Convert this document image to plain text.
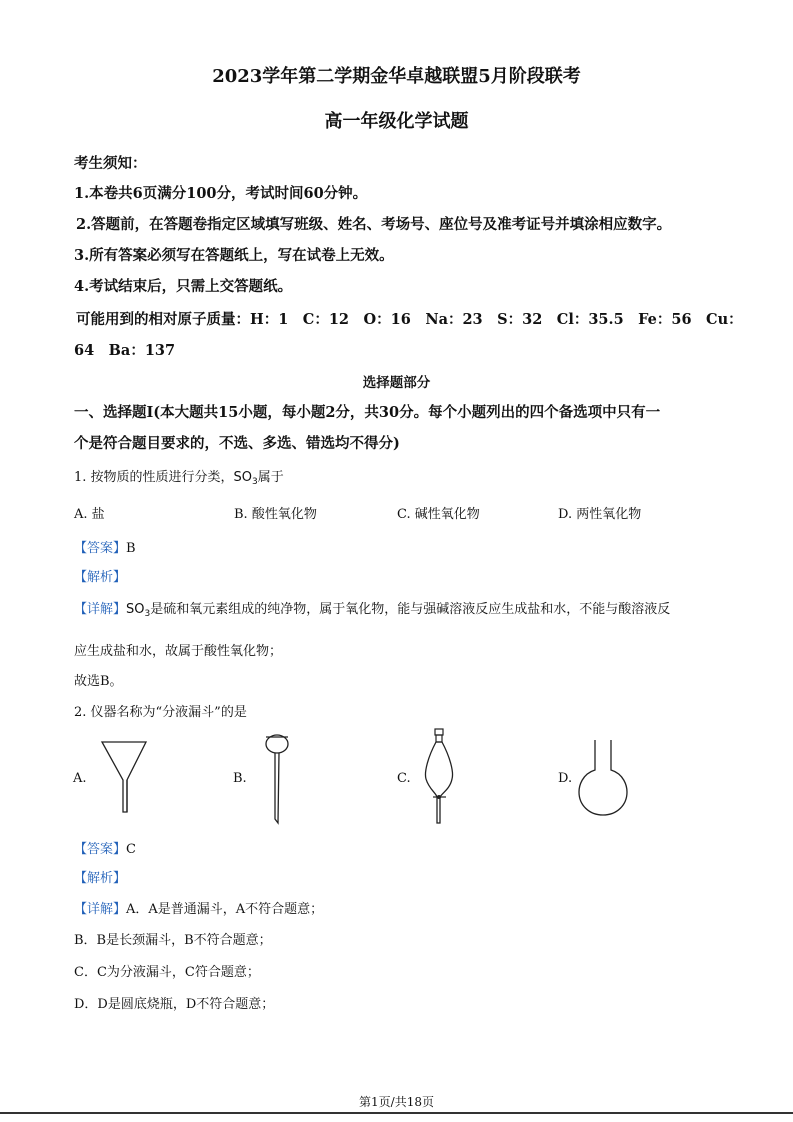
2023学年第二学期金华卓越联盟5月阶段联考
高一年级化学试题
考生须知：
1.本卷共6页满分100分，考试时间60分钟。
2.答题前，在答题卷指定区域填写班级、姓名、考场号、座位号及准考证号并填涂相应数字。
3.所有答案必须写在答题纸上，写在试卷上无效。
4.考试结束后，只需上交答题纸。
可能用到的相对原子质量：H：1　C：12　O：16　Na：23　S：32　Cl：35.5　Fe：56　Cu：
64　Ba：137
选择题部分
一、选择题I(本大题共15小题，每小题2分，共30分。每个小题列出的四个备选项中只有一
个是符合题目要求的，不选、多选、错选均不得分)
1. 按物质的性质进行分类，$SO_3$属于
A. 盐	B. 酸性氧化物	C. 碱性氧化物	D. 两性氧化物
【答案】B
【解析】
【详解】$SO_3$是硫和氧元素组成的纯净物，属于氧化物，能与强碱溶液反应生成盐和水，不能与酸溶液反
应生成盐和水，故属于酸性氧化物；
故选B。
2. 仪器名称为“分液漏斗”的是
A.	B.	C.	D.
【答案】C
【解析】
【详解】A．A是普通漏斗，A不符合题意；
B．B是长颈漏斗，B不符合题意；
C．C为分液漏斗，C符合题意；
D．D是圆底烧瓶，D不符合题意；
第1页/共18页
